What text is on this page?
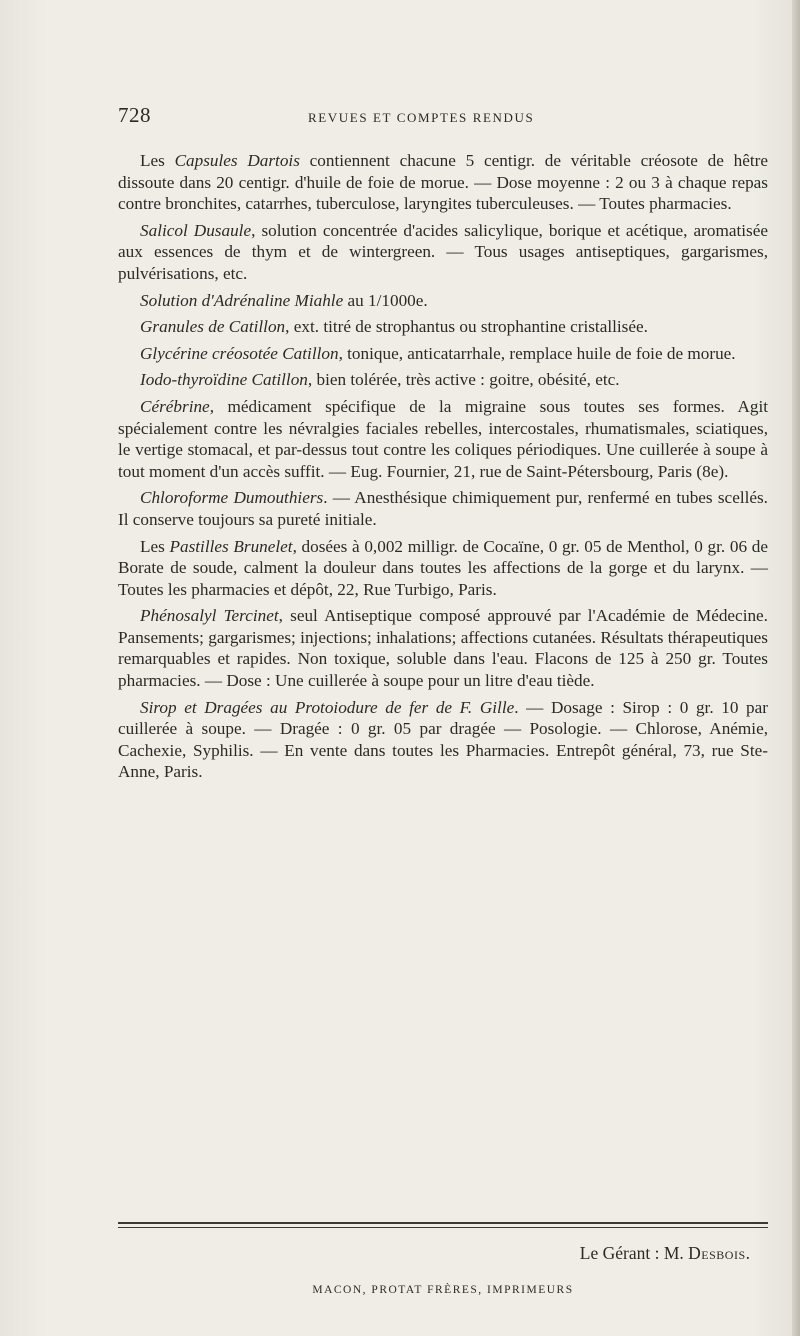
728	REVUES ET COMPTES RENDUS

Les Capsules Dartois contiennent chacune 5 centigr. de véritable créosote de hêtre dissoute dans 20 centigr. d'huile de foie de morue. — Dose moyenne : 2 ou 3 à chaque repas contre bronchites, catarrhes, tuberculose, laryngites tuberculeuses. — Toutes pharmacies.

Salicol Dusaule, solution concentrée d'acides salicylique, borique et acétique, aromatisée aux essences de thym et de wintergreen. — Tous usages antiseptiques, gargarismes, pulvérisations, etc.

Solution d'Adrénaline Miahle au 1/1000e.

Granules de Catillon, ext. titré de strophantus ou strophantine cristallisée.

Glycérine créosotée Catillon, tonique, anticatarrhale, remplace huile de foie de morue.

Iodo-thyroïdine Catillon, bien tolérée, très active : goitre, obésité, etc.

Cérébrine, médicament spécifique de la migraine sous toutes ses formes. Agit spécialement contre les névralgies faciales rebelles, intercostales, rhumatismales, sciatiques, le vertige stomacal, et par-dessus tout contre les coliques périodiques. Une cuillerée à soupe à tout moment d'un accès suffit. — Eug. Fournier, 21, rue de Saint-Pétersbourg, Paris (8e).

Chloroforme Dumouthiers. — Anesthésique chimiquement pur, renfermé en tubes scellés. Il conserve toujours sa pureté initiale.

Les Pastilles Brunelet, dosées à 0,002 milligr. de Cocaïne, 0 gr. 05 de Menthol, 0 gr. 06 de Borate de soude, calment la douleur dans toutes les affections de la gorge et du larynx. — Toutes les pharmacies et dépôt, 22, Rue Turbigo, Paris.

Phénosalyl Tercinet, seul Antiseptique composé approuvé par l'Académie de Médecine. Pansements; gargarismes; injections; inhalations; affections cutanées. Résultats thérapeutiques remarquables et rapides. Non toxique, soluble dans l'eau. Flacons de 125 à 250 gr. Toutes pharmacies. — Dose : Une cuillerée à soupe pour un litre d'eau tiède.

Sirop et Dragées au Protoiodure de fer de F. Gille. — Dosage : Sirop : 0 gr. 10 par cuillerée à soupe. — Dragée : 0 gr. 05 par dragée — Posologie. — Chlorose, Anémie, Cachexie, Syphilis. — En vente dans toutes les Pharmacies. Entrepôt général, 73, rue Ste-Anne, Paris.

Le Gérant : M. Desbois.
MACON, PROTAT FRÈRES, IMPRIMEURS
